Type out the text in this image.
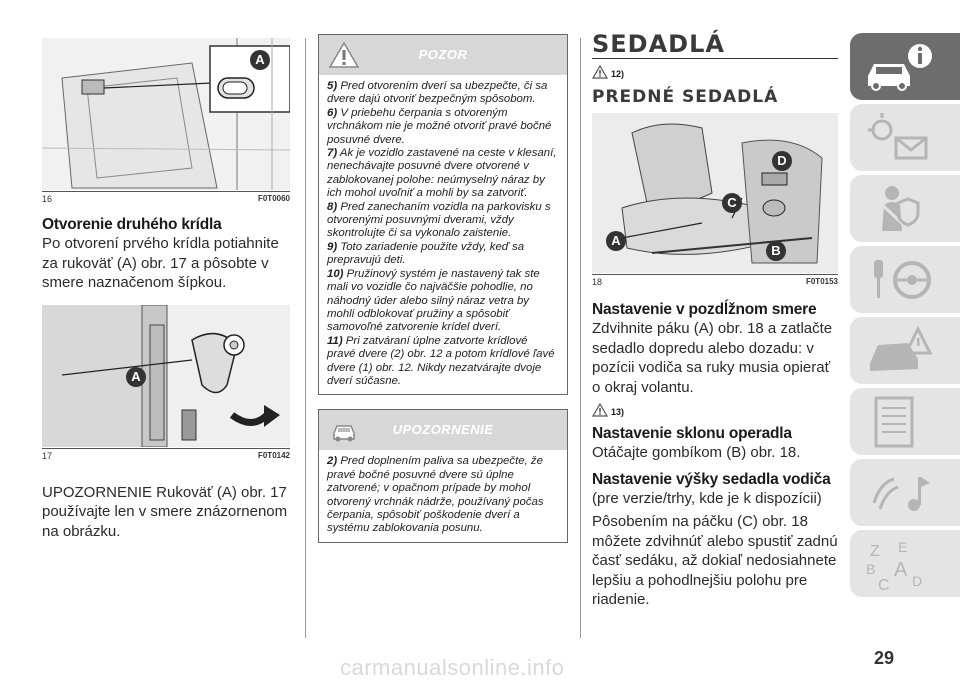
A
16	F0T0060
Otvorenie druhého krídla

Po otvorení prvého krídla potiahnite za rukoväť (A) obr. 17 a pôsobte v smere naznačenom šípkou.

A
17	F0T0142

UPOZORNENIE Rukoväť (A) obr. 17 používajte len v smere znázornenom na obrázku.

POZOR

5) Pred otvorením dverí sa ubezpečte, či sa dvere dajú otvoriť bezpečným spôsobom.

6) V priebehu čerpania s otvoreným vrchnákom nie je možné otvoriť pravé bočné posuvné dvere.

7) Ak je vozidlo zastavené na ceste v klesaní, nenechávajte posuvné dvere otvorené v zablokovanej polohe: neúmyselný náraz by ich mohol uvoľniť a mohli by sa zatvoriť.

8) Pred zanechaním vozidla na parkovisku s otvorenými posuvnými dverami, vždy skontrolujte či sa vykonalo zaistenie.

9) Toto zariadenie použite vždy, keď sa prepravujú deti.

10) Pružinový systém je nastavený tak ste mali vo vozidle čo najväčšie pohodlie, no náhodný úder alebo silný náraz vetra by mohli odblokovať pružiny a spôsobiť samovoľné zatvorenie krídel dverí.

11) Pri zatváraní úplne zatvorte krídlové pravé dvere (2) obr. 12 a potom krídlové ľavé dvere (1) obr. 12. Nikdy nezatvárajte dvoje dverí súčasne.

UPOZORNENIE

2) Pred doplnením paliva sa ubezpečte, že pravé bočné posuvné dvere sú úplne zatvorené; v opačnom prípade by mohol otvorený vrchnák nádrže, používaný počas čerpania, spôsobiť poškodenie dverí a systému zablokovania posunu.

SEDADLÁ
12)
PREDNÉ SEDADLÁ
A
B
C
D
18	F0T0153
Nastavenie v pozdĺžnom smere

Zdvihnite páku (A) obr. 18 a zatlačte sedadlo dopredu alebo dozadu: v pozícii vodiča sa ruky musia opierať o okraj volantu.

13)
Nastavenie sklonu operadla

Otáčajte gombíkom (B) obr. 18.

Nastavenie výšky sedadla vodiča

(pre verzie/trhy, kde je k dispozícii)

Pôsobením na páčku (C) obr. 18 môžete zdvihnúť alebo spustiť zadnú časť sedáku, až dokiaľ nedosiahnete lepšiu a pohodlnejšiu polohu pre riadenie.

Z E
B A
C D
29
carmanualsonline.info
